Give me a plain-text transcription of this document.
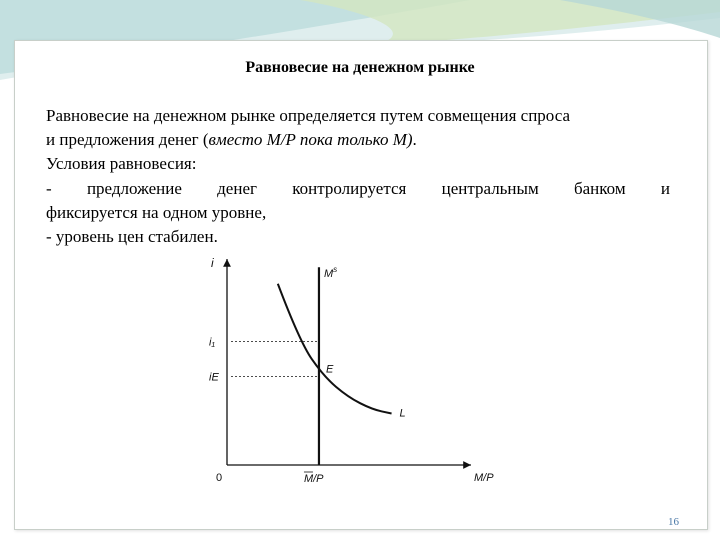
Равновесие на денежном рынке

Равновесие на денежном рынке определяется путем совмещения спроса

и предложения денег (вместо M/P пока только M).

Условия равновесия:

- предложение денег контролируется центральным банком и

фиксируется на одном уровне,

- уровень цен стабилен.

i
M/P
0
i₁
iE
M/P
$M^s$
L
E
16
